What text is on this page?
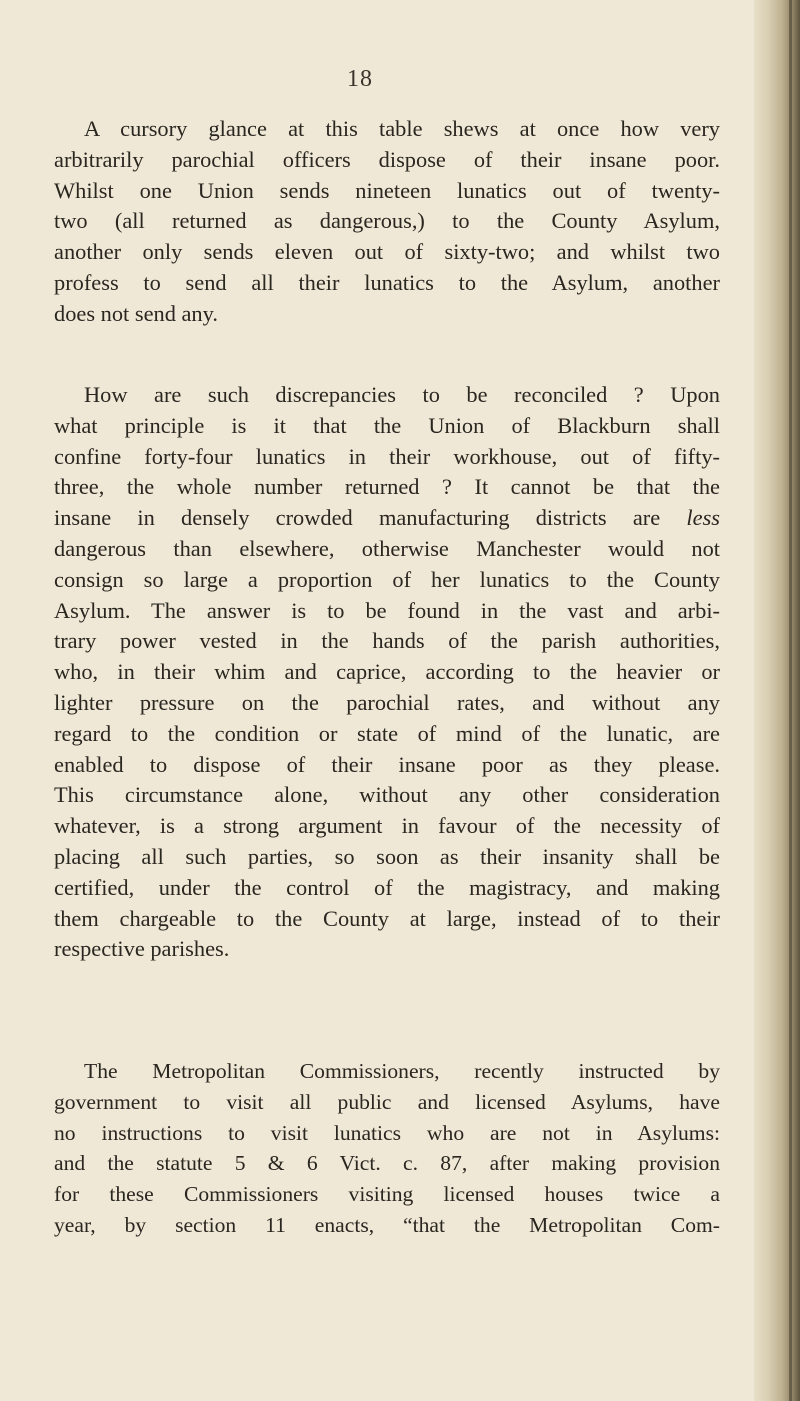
18
A cursory glance at this table shews at once how very
arbitrarily parochial officers dispose of their insane poor.
Whilst one Union sends nineteen lunatics out of twenty-
two (all returned as dangerous,) to the County Asylum,
another only sends eleven out of sixty-two; and whilst two
profess to send all their lunatics to the Asylum, another
does not send any.
How are such discrepancies to be reconciled ? Upon
what principle is it that the Union of Blackburn shall
confine forty-four lunatics in their workhouse, out of fifty-
three, the whole number returned ? It cannot be that the
insane in densely crowded manufacturing districts are less
dangerous than elsewhere, otherwise Manchester would not
consign so large a proportion of her lunatics to the County
Asylum. The answer is to be found in the vast and arbi-
trary power vested in the hands of the parish authorities,
who, in their whim and caprice, according to the heavier or
lighter pressure on the parochial rates, and without any
regard to the condition or state of mind of the lunatic, are
enabled to dispose of their insane poor as they please.
This circumstance alone, without any other consideration
whatever, is a strong argument in favour of the necessity of
placing all such parties, so soon as their insanity shall be
certified, under the control of the magistracy, and making
them chargeable to the County at large, instead of to their
respective parishes.
The Metropolitan Commissioners, recently instructed by
government to visit all public and licensed Asylums, have
no instructions to visit lunatics who are not in Asylums:
and the statute 5 & 6 Vict. c. 87, after making provision
for these Commissioners visiting licensed houses twice a
year, by section 11 enacts, “that the Metropolitan Com-
